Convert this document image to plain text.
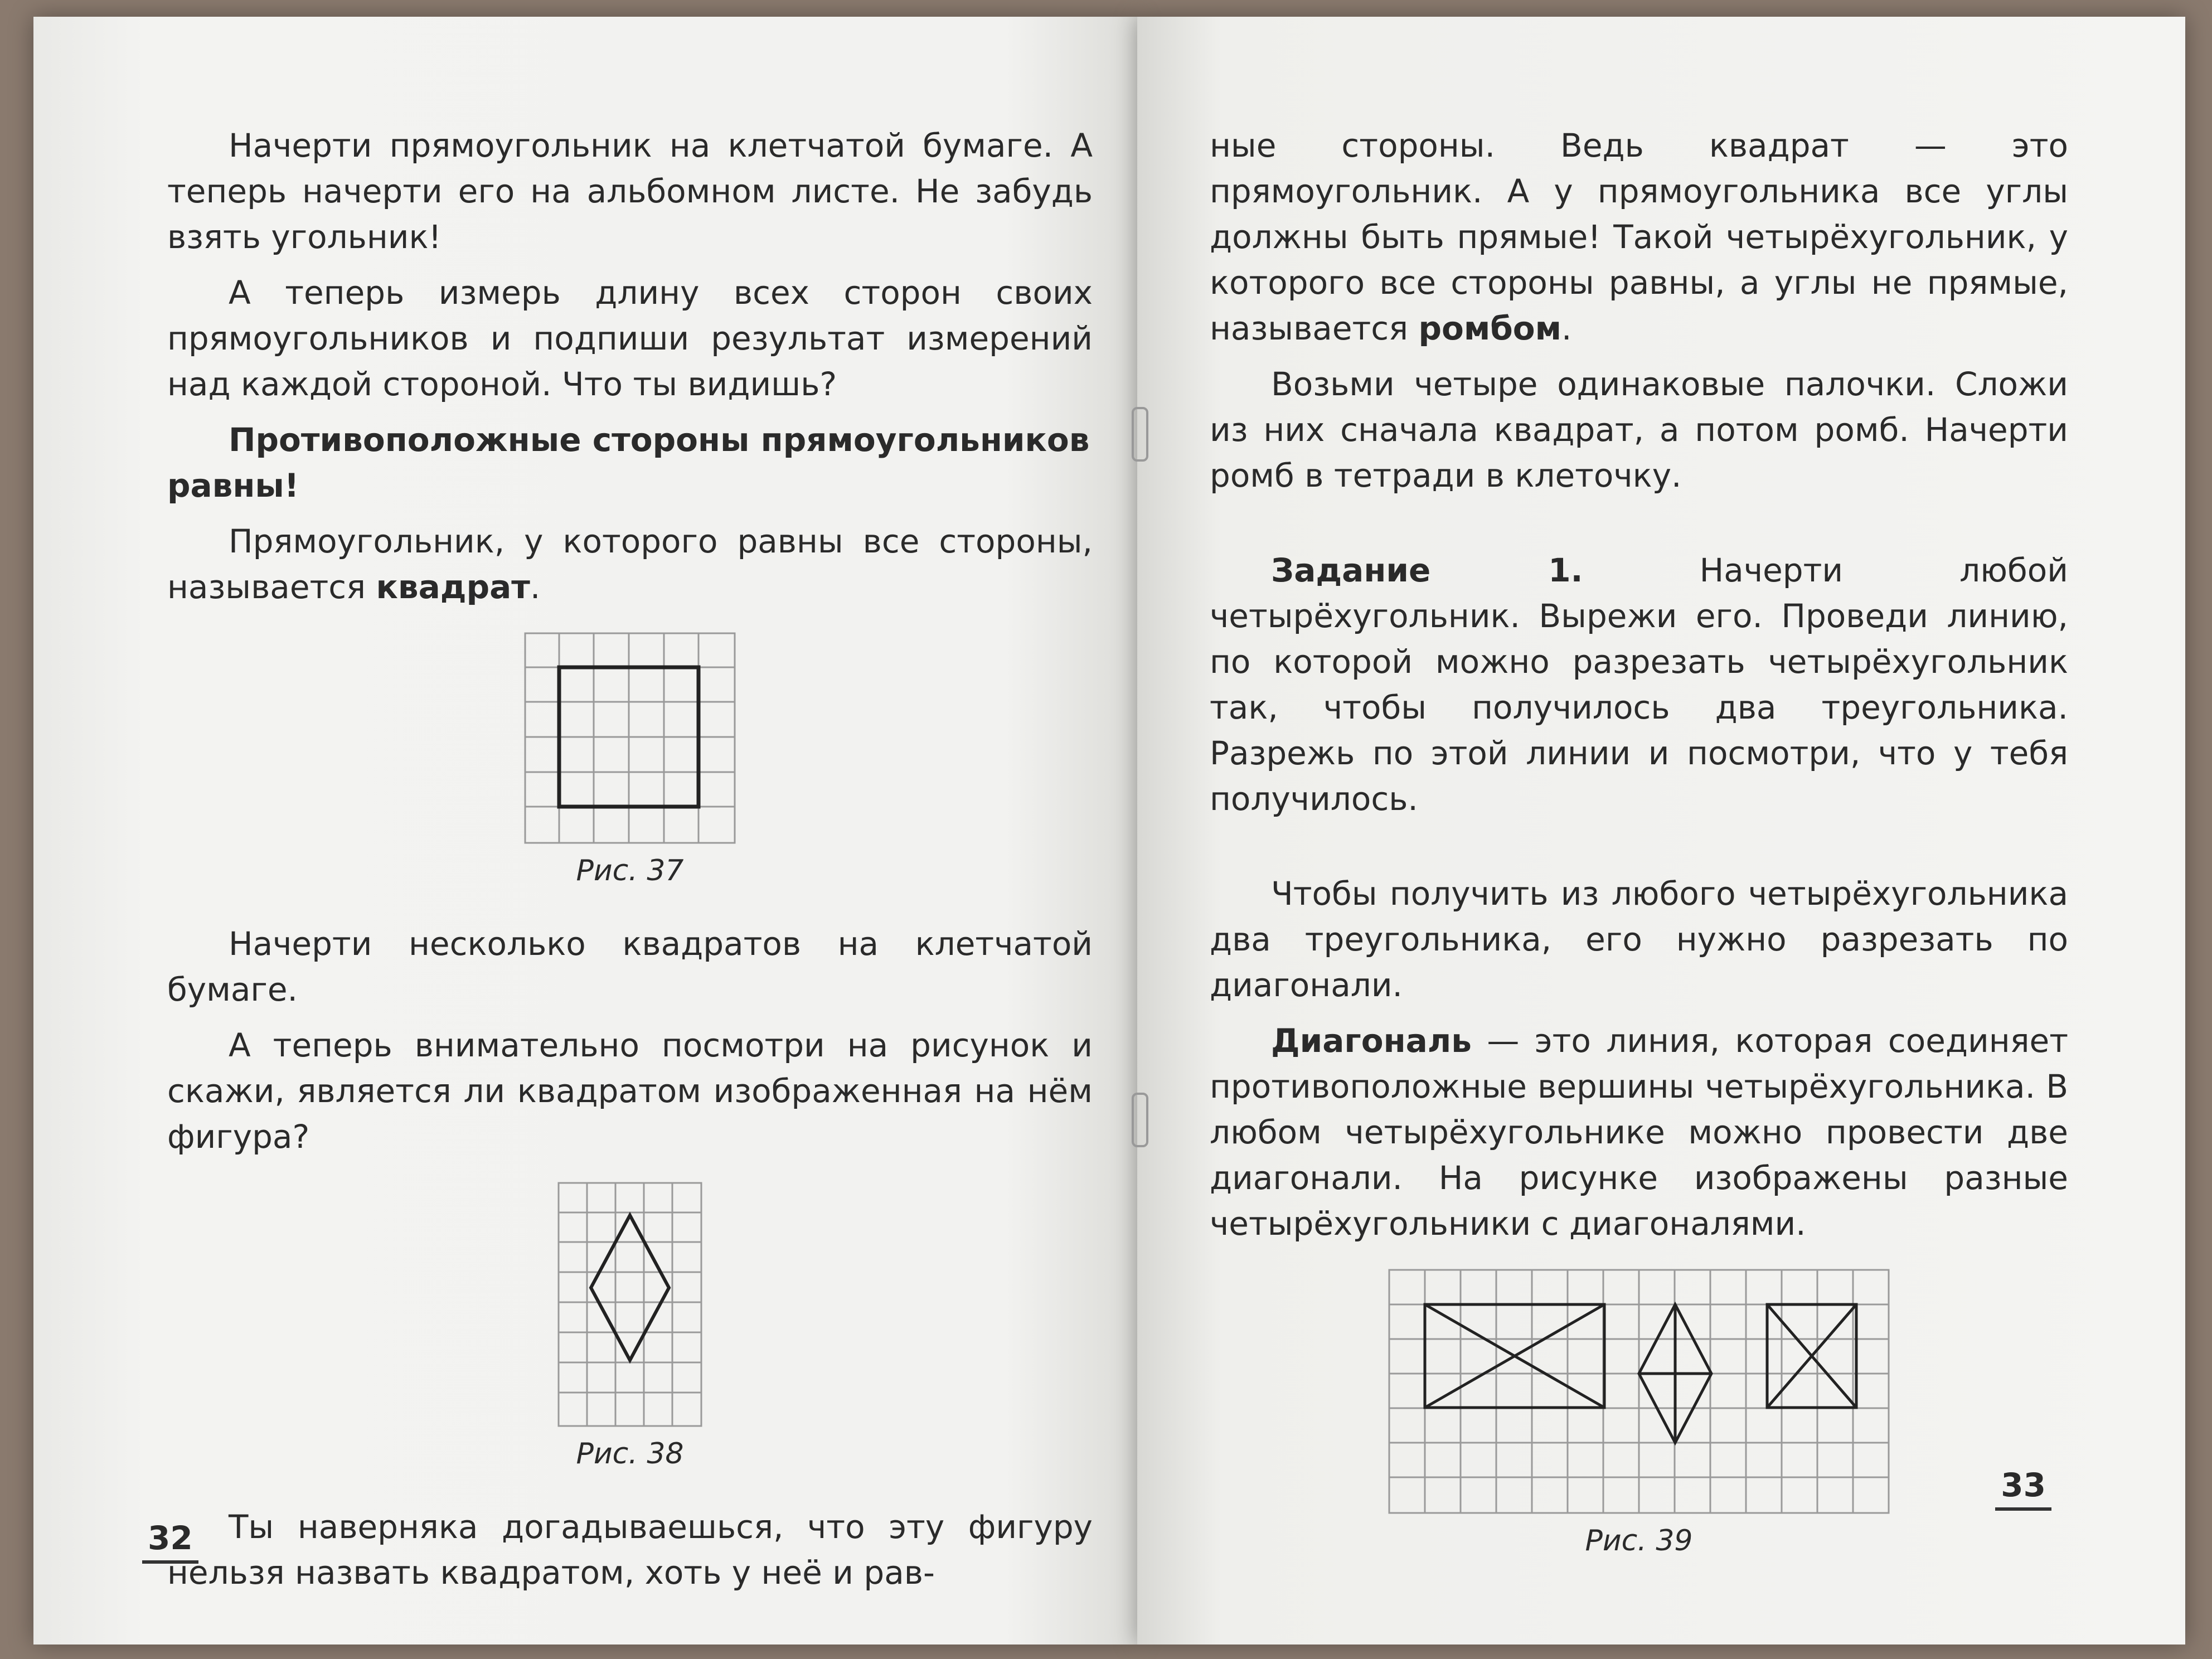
Начерти прямоугольник на клетчатой бумаге. А теперь начерти его на альбомном листе. Не забудь взять угольник!

А теперь измерь длину всех сторон своих прямоугольников и подпиши результат измерений над каждой стороной. Что ты видишь?

Противоположные стороны прямоугольников равны!

Прямоугольник, у которого равны все стороны, называется квадрат.

Рис. 37

Начерти несколько квадратов на клетчатой бумаге.

А теперь внимательно посмотри на рисунок и скажи, является ли квадратом изображенная на нём фигура?

Рис. 38

Ты наверняка догадываешься, что эту фигуру нельзя назвать квадратом, хоть у неё и рав-

32

ные стороны. Ведь квадрат — это прямоугольник. А у прямоугольника все углы должны быть прямые! Такой четырёхугольник, у которого все стороны равны, а углы не прямые, называется ромбом.

Возьми четыре одинаковые палочки. Сложи из них сначала квадрат, а потом ромб. Начерти ромб в тетради в клеточку.

Задание 1. Начерти любой четырёхугольник. Вырежи его. Проведи линию, по которой можно разрезать четырёхугольник так, чтобы получилось два треугольника. Разрежь по этой линии и посмотри, что у тебя получилось.

Чтобы получить из любого четырёхугольника два треугольника, его нужно разрезать по диагонали.

Диагональ — это линия, которая соединяет противоположные вершины четырёхугольника. В любом четырёхугольнике можно провести две диагонали. На рисунке изображены разные четырёхугольники с диагоналями.

Рис. 39
33
